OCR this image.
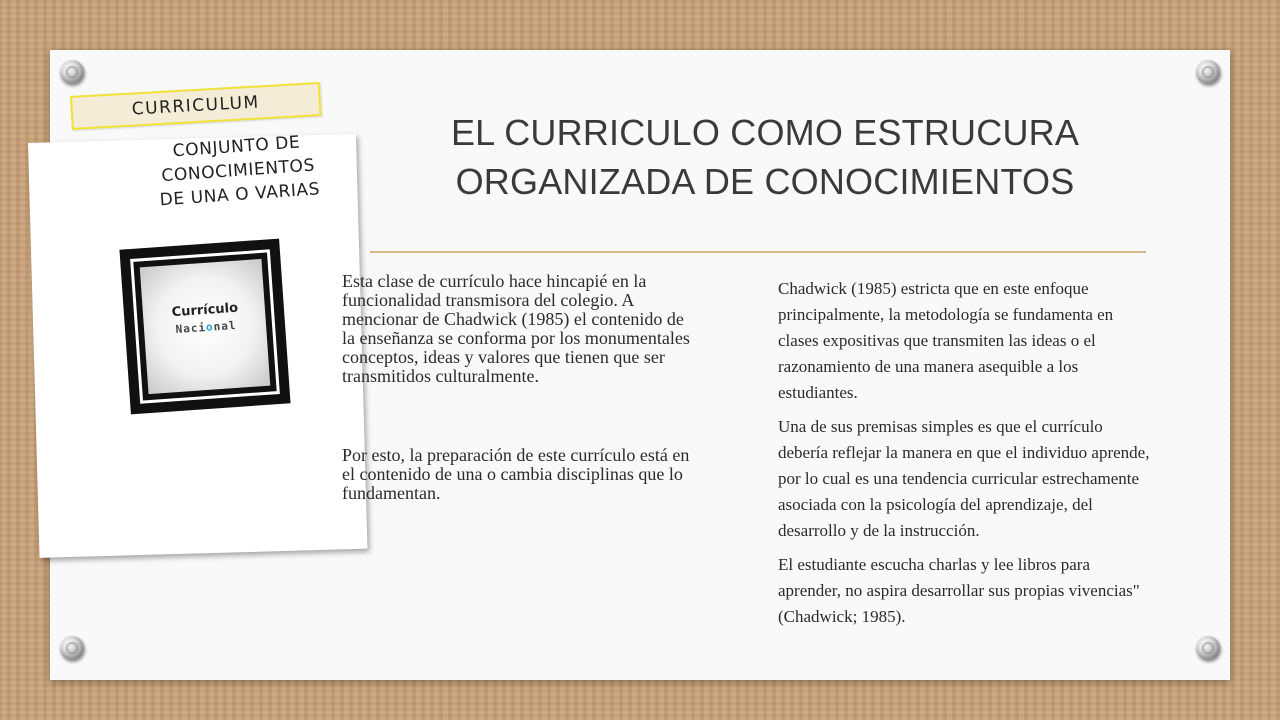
CURRICULUM
CONJUNTO DE
CONOCIMIENTOS
DE UNA O VARIAS
Currículo
Nacional
EL CURRICULO COMO ESTRUCURA
ORGANIZADA DE CONOCIMIENTOS

Esta clase de currículo hace hincapié en la funcionalidad transmisora del colegio. A mencionar de Chadwick (1985) el contenido de la enseñanza se conforma por los monumentales conceptos, ideas y valores que tienen que ser transmitidos culturalmente.

Por esto, la preparación de este currículo está en el contenido de una o cambia disciplinas que lo fundamentan.

Chadwick (1985) estricta que en este enfoque principalmente, la metodología se fundamenta en clases expositivas que transmiten las ideas o el razonamiento de una manera asequible a los estudiantes.

Una de sus premisas simples es que el currículo debería reflejar la manera en que el individuo aprende, por lo cual es una tendencia curricular estrechamente asociada con la psicología del aprendizaje, del desarrollo y de la instrucción.

El estudiante escucha charlas y lee libros para aprender, no aspira desarrollar sus propias vivencias" (Chadwick; 1985).
